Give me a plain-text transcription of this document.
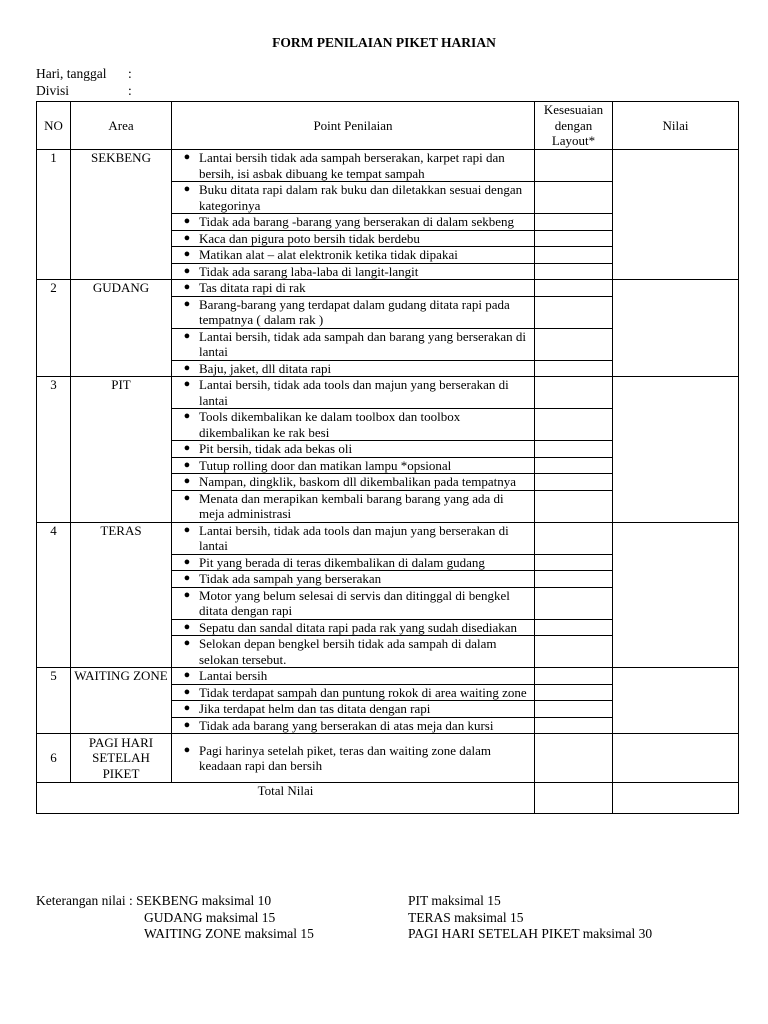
FORM PENILAIAN PIKET HARIAN
Hari, tanggal :
Divisi	:
NO	Area	Point Penilaian	Kesesuaian dengan Layout*	Nilai
1	SEKBENG	● Lantai bersih tidak ada sampah berserakan, karpet rapi dan bersih, isi asbak dibuang ke tempat sampah		

		● Buku ditata rapi dalam rak buku dan diletakkan sesuai dengan kategorinya		

		● Tidak ada barang -barang yang berserakan di dalam sekbeng		

		● Kaca dan pigura poto bersih tidak berdebu		

		● Matikan alat – alat elektronik ketika tidak dipakai		

		● Tidak ada sarang laba-laba di langit-langit		

2	GUDANG	● Tas ditata rapi di rak		

		● Barang-barang yang terdapat dalam gudang ditata rapi pada tempatnya ( dalam rak )		

		● Lantai bersih, tidak ada sampah dan barang yang berserakan di lantai		

		● Baju, jaket, dll ditata rapi		

3	PIT	● Lantai bersih, tidak ada tools dan majun yang berserakan di lantai		

		● Tools dikembalikan ke dalam toolbox dan toolbox dikembalikan ke rak besi		

		● Pit bersih, tidak ada bekas oli		

		● Tutup rolling door dan matikan lampu *opsional		

		● Nampan, dingklik, baskom dll dikembalikan pada tempatnya		

		● Menata dan merapikan kembali barang barang yang ada di meja administrasi		

4	TERAS	● Lantai bersih, tidak ada tools dan majun yang berserakan di lantai		

		● Pit yang berada di teras dikembalikan di dalam gudang		

		● Tidak ada sampah yang berserakan		

		● Motor yang belum selesai di servis dan ditinggal di bengkel ditata dengan rapi		

		● Sepatu dan sandal ditata rapi pada rak yang sudah disediakan		

		● Selokan depan bengkel bersih tidak ada sampah di dalam selokan tersebut.		

5	WAITING ZONE	● Lantai bersih		

		● Tidak terdapat sampah dan puntung rokok di area waiting zone		

		● Jika terdapat helm dan tas ditata dengan rapi		

		● Tidak ada barang yang berserakan di atas meja dan kursi		

6	PAGI HARI SETELAH PIKET	● Pagi harinya setelah piket, teras dan waiting zone dalam keadaan rapi dan bersih		

Total Nilai				
Keterangan nilai : SEKBENG maksimal 10	PIT maksimal 15
GUDANG maksimal 15	TERAS maksimal 15
WAITING ZONE maksimal 15	PAGI HARI SETELAH PIKET maksimal 30
